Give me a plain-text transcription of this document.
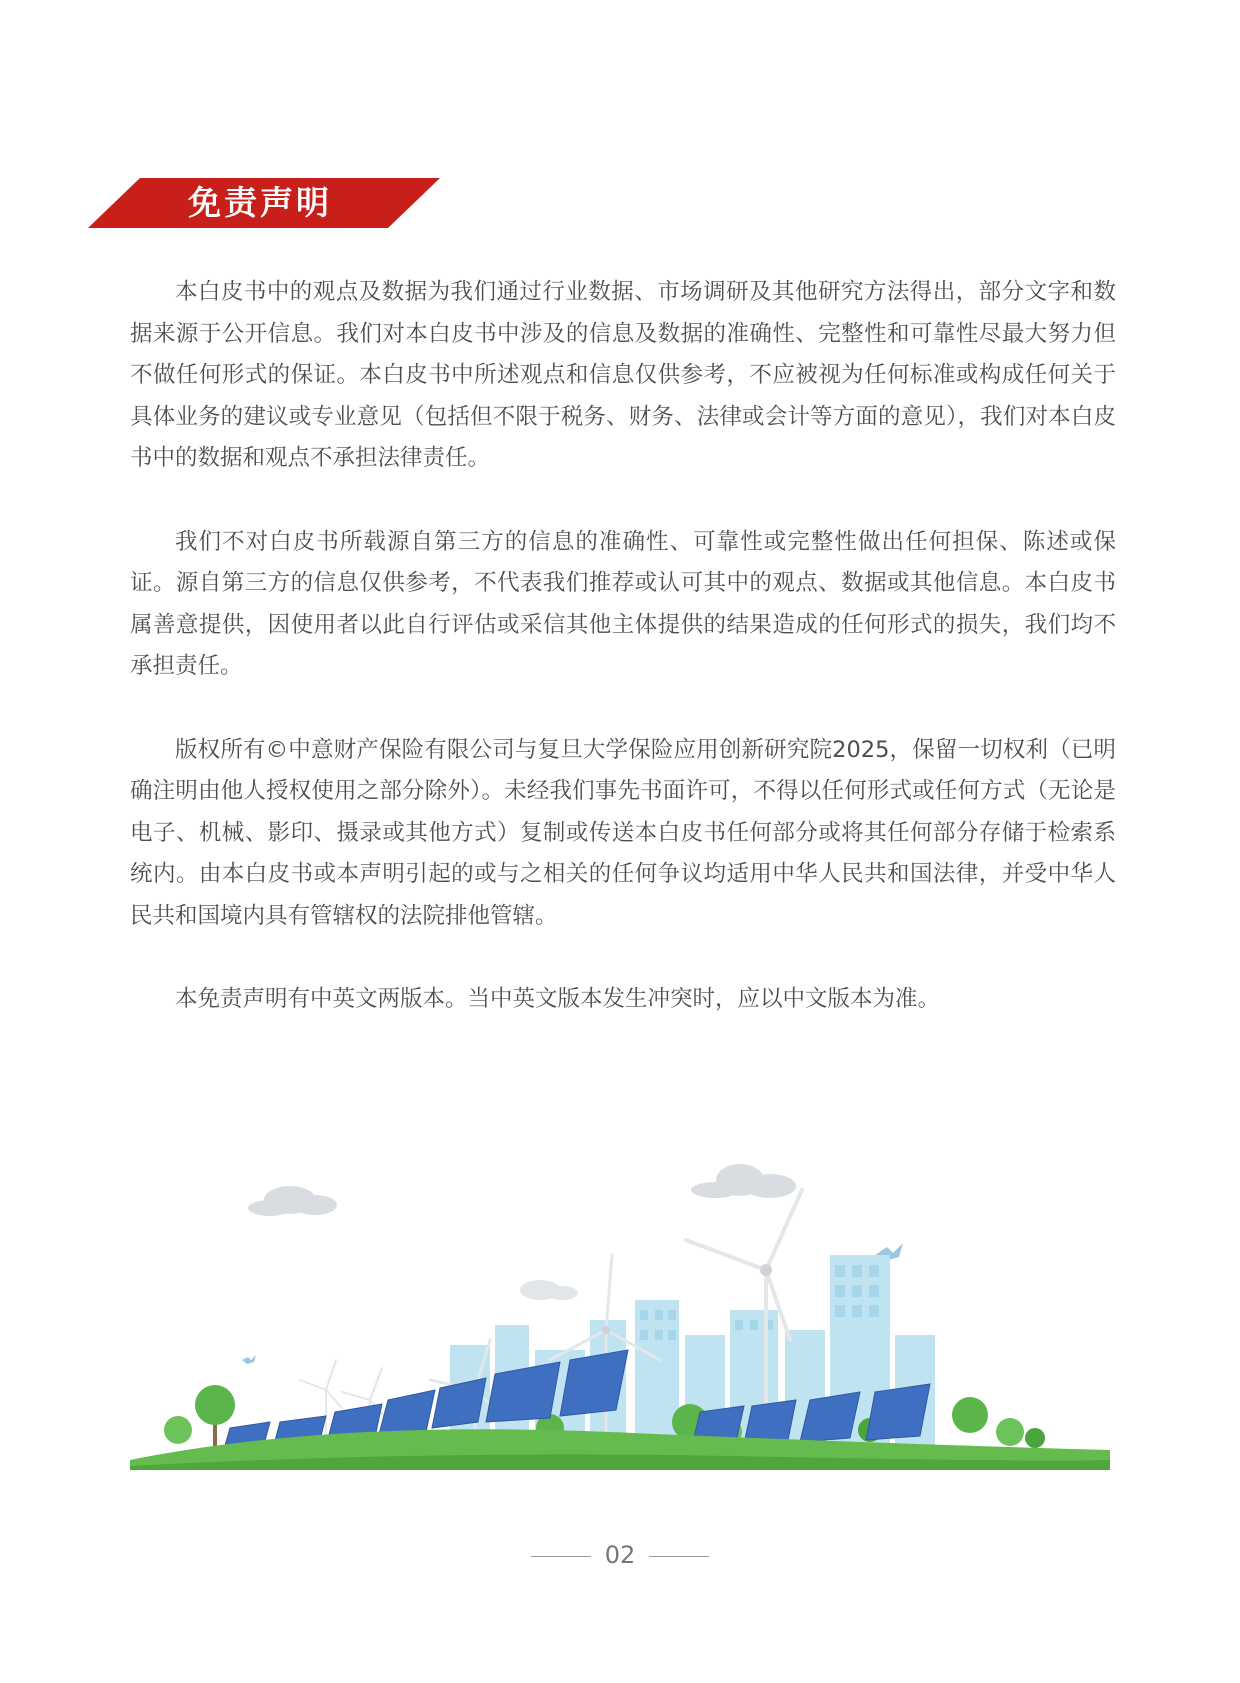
免责声明

本白皮书中的观点及数据为我们通过行业数据、市场调研及其他研究方法得出，部分文字和数据来源于公开信息。我们对本白皮书中涉及的信息及数据的准确性、完整性和可靠性尽最大努力但不做任何形式的保证。本白皮书中所述观点和信息仅供参考，不应被视为任何标准或构成任何关于具体业务的建议或专业意见（包括但不限于税务、财务、法律或会计等方面的意见），我们对本白皮书中的数据和观点不承担法律责任。

我们不对白皮书所载源自第三方的信息的准确性、可靠性或完整性做出任何担保、陈述或保证。源自第三方的信息仅供参考，不代表我们推荐或认可其中的观点、数据或其他信息。本白皮书属善意提供，因使用者以此自行评估或采信其他主体提供的结果造成的任何形式的损失，我们均不承担责任。

版权所有©中意财产保险有限公司与复旦大学保险应用创新研究院2025，保留一切权利（已明确注明由他人授权使用之部分除外）。未经我们事先书面许可，不得以任何形式或任何方式（无论是电子、机械、影印、摄录或其他方式）复制或传送本白皮书任何部分或将其任何部分存储于检索系统内。由本白皮书或本声明引起的或与之相关的任何争议均适用中华人民共和国法律，并受中华人民共和国境内具有管辖权的法院排他管辖。

本免责声明有中英文两版本。当中英文版本发生冲突时，应以中文版本为准。

02
